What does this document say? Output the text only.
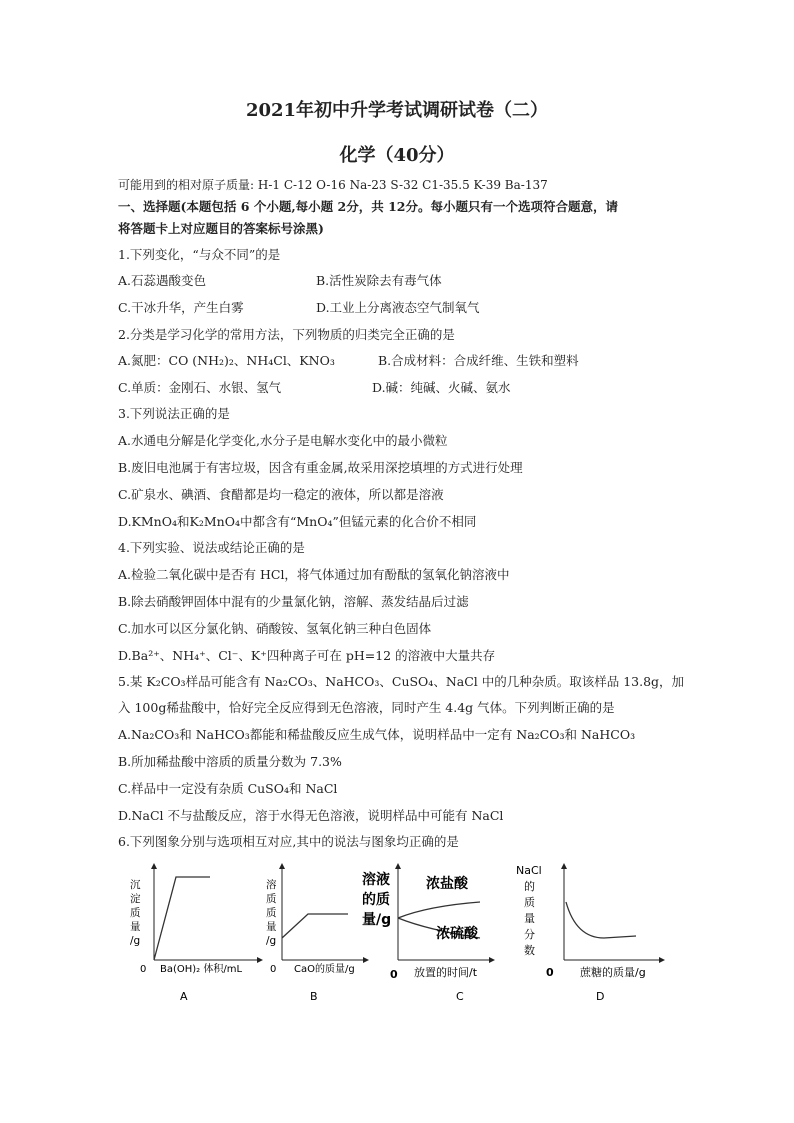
2021年初中升学考试调研试卷（二）
化学（40分）
可能用到的相对原子质量: H-1 C-12 O-16 Na-23 S-32 C1-35.5 K-39 Ba-137
一、选择题(本题包括 6 个小题,每小题 2分，共 12分。每小题只有一个选项符合题意，请
将答题卡上对应题目的答案标号涂黑)
1.下列变化，“与众不同”的是
A.石蕊遇酸变色	B.活性炭除去有毒气体
C.干冰升华，产生白雾	D.工业上分离液态空气制氧气
2.分类是学习化学的常用方法，下列物质的归类完全正确的是
A.氮肥：CO (NH₂)₂、NH₄Cl、KNO₃	B.合成材料：合成纤维、生铁和塑料
C.单质：金刚石、水银、氢气	D.碱：纯碱、火碱、氨水
3.下列说法正确的是
A.水通电分解是化学变化,水分子是电解水变化中的最小微粒
B.废旧电池属于有害垃圾，因含有重金属,故采用深挖填埋的方式进行处理
C.矿泉水、碘酒、食醋都是均一稳定的液体，所以都是溶液
D.KMnO₄和K₂MnO₄中都含有“MnO₄”但锰元素的化合价不相同
4.下列实验、说法或结论正确的是
A.检验二氧化碳中是否有 HCl，将气体通过加有酚酞的氢氧化钠溶液中
B.除去硝酸钾固体中混有的少量氯化钠，溶解、蒸发结晶后过滤
C.加水可以区分氯化钠、硝酸铵、氢氧化钠三种白色固体
D.Ba²⁺、NH₄⁺、Cl⁻、K⁺四种离子可在 pH=12 的溶液中大量共存
5.某 K₂CO₃样品可能含有 Na₂CO₃、NaHCO₃、CuSO₄、NaCl 中的几种杂质。取该样品 13.8g，加
入 100g稀盐酸中，恰好完全反应得到无色溶液，同时产生 4.4g 气体。下列判断正确的是
A.Na₂CO₃和 NaHCO₃都能和稀盐酸反应生成气体，说明样品中一定有 Na₂CO₃和 NaHCO₃
B.所加稀盐酸中溶质的质量分数为 7.3%
C.样品中一定没有杂质 CuSO₄和 NaCl
D.NaCl 不与盐酸反应，溶于水得无色溶液，说明样品中可能有 NaCl
6.下列图象分别与选项相互对应,其中的说法与图象均正确的是
沉
淀
质
量
/g
0 Ba(OH)₂ 体积/mL
A
溶
质
质
量
/g
0 CaO的质量/g
B
溶液
的质
量/g
浓盐酸
浓硫酸
0 放置的时间/t
C
NaCl
的
质
量
分
数
0 蔗糖的质量/g
D
